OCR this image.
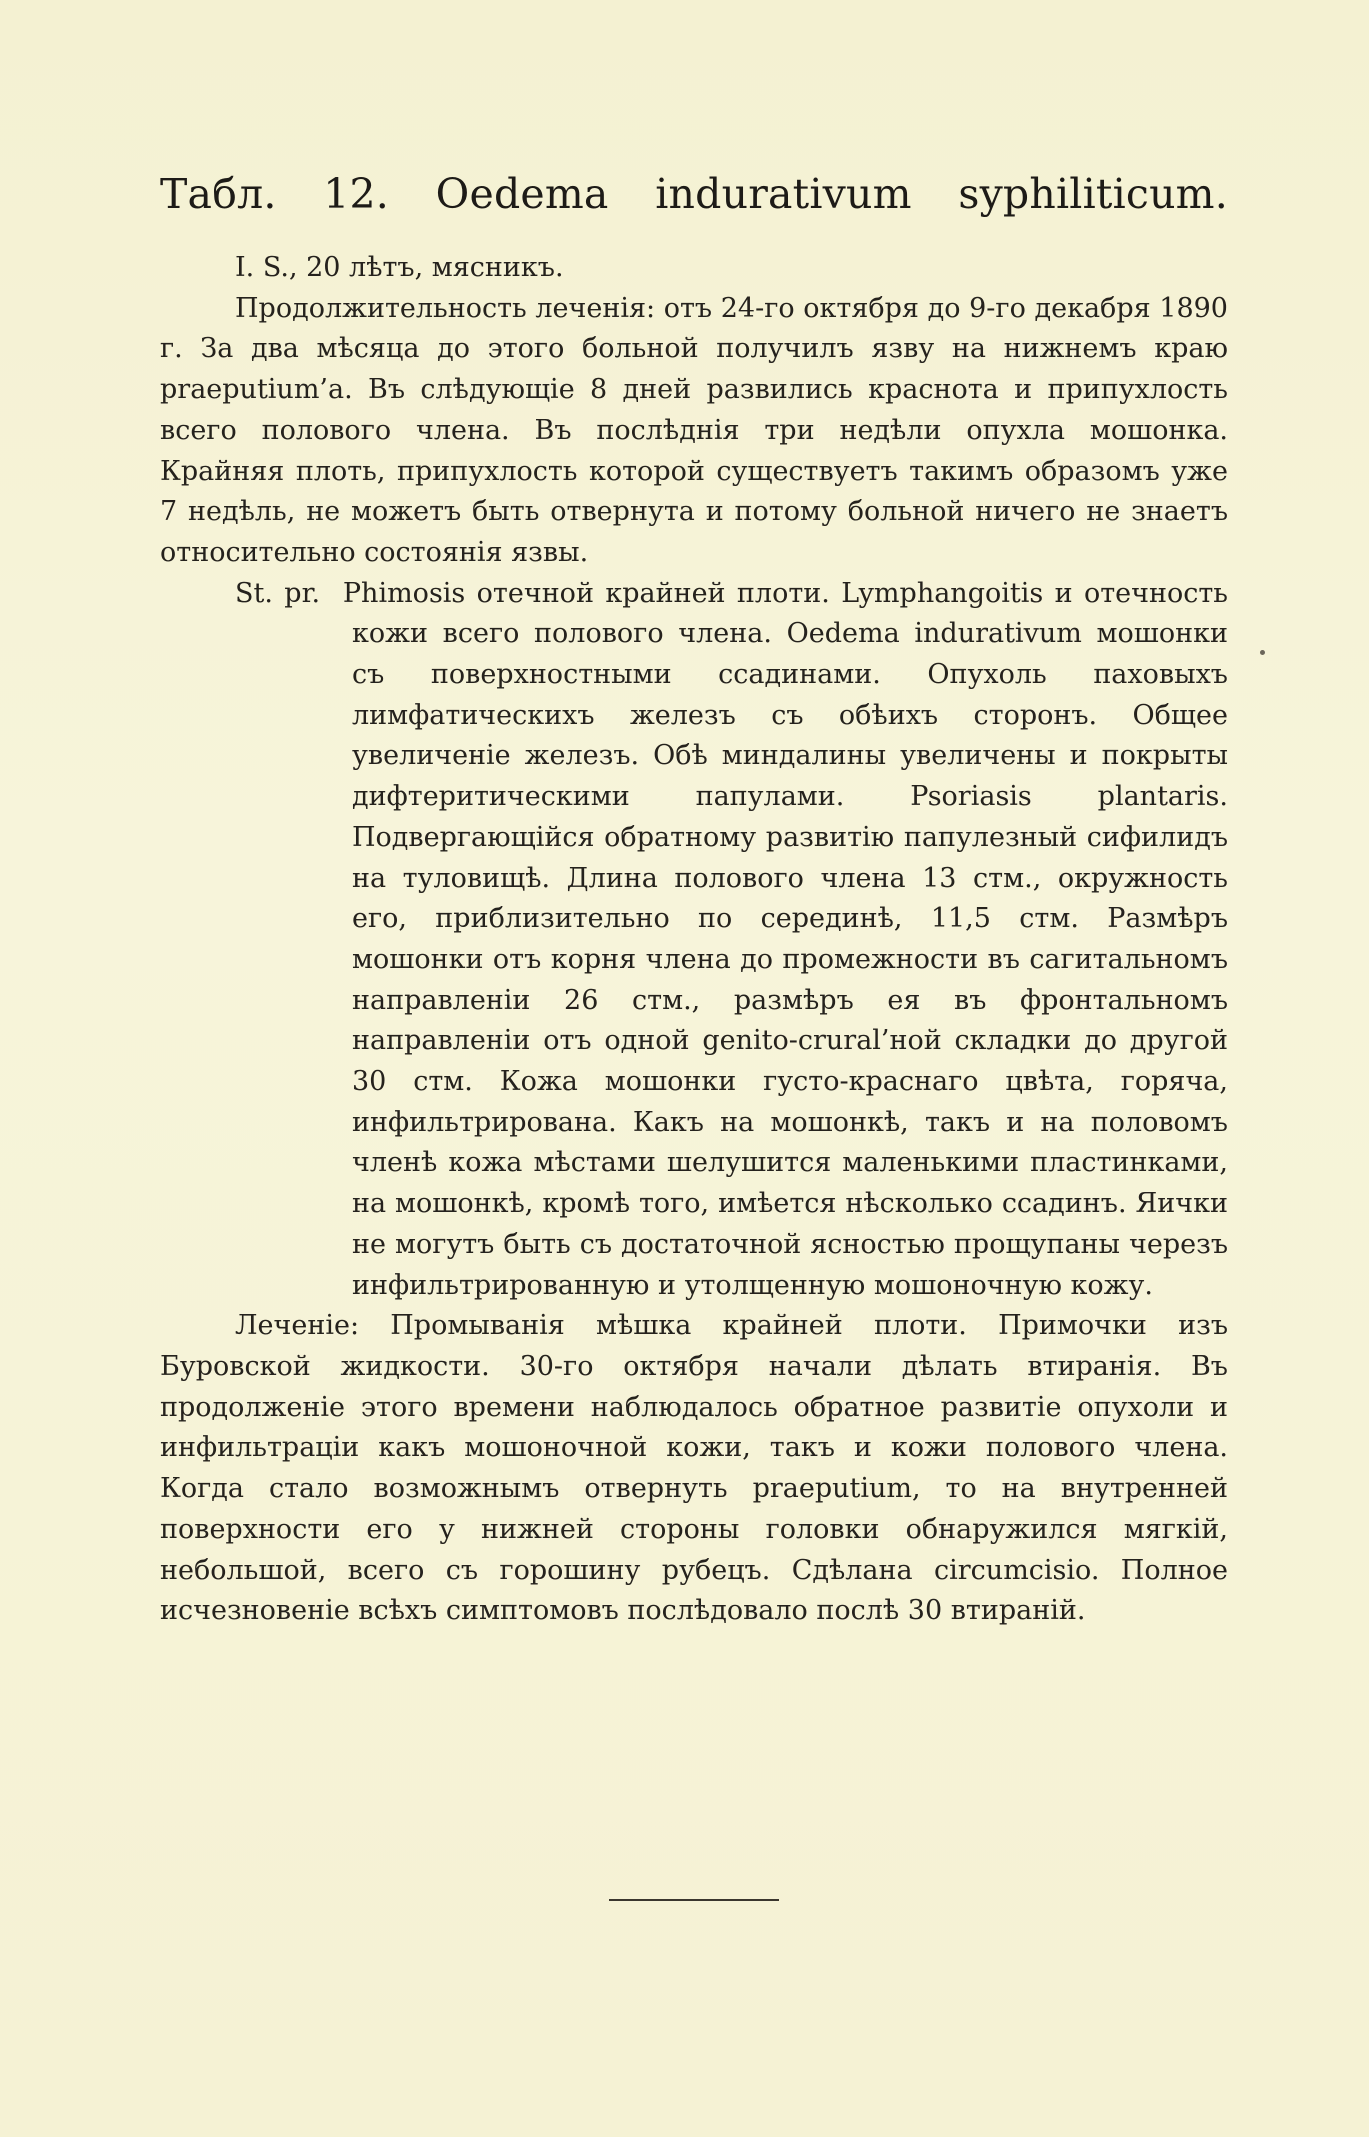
Табл. 12. Oedema indurativum syphiliticum.

I. S., 20 лѣтъ, мясникъ.

Продолжительность леченія: отъ 24-го октября до 9-го декабря 1890 г. За два мѣсяца до этого больной получилъ язву на нижнемъ краю praeputium’a. Въ слѣдующіе 8 дней развились краснота и припухлость всего полового члена. Въ послѣднія три недѣли опухла мошонка. Крайняя плоть, припухлость которой существуетъ такимъ образомъ уже 7 недѣль, не можетъ быть отвернута и потому больной ничего не знаетъ относительно состоянія язвы.

St. pr. Phimosis отечной крайней плоти. Lymphangoitis и отечность кожи всего полового члена. Oedema indurativum мошонки съ поверхностными ссадинами. Опухоль паховыхъ лимфатическихъ железъ съ обѣихъ сторонъ. Общее увеличеніе железъ. Обѣ миндалины увеличены и покрыты дифтеритическими папулами. Psoriasis plantaris. Подвергающійся обратному развитію папулезный сифилидъ на туловищѣ. Длина полового члена 13 стм., окружность его, приблизительно по серединѣ, 11,5 стм. Размѣръ мошонки отъ корня члена до промежности въ сагитальномъ направленіи 26 стм., размѣръ ея въ фронтальномъ направленіи отъ одной genito-crural’ной складки до другой 30 стм. Кожа мошонки густо-краснаго цвѣта, горяча, инфильтрирована. Какъ на мошонкѣ, такъ и на половомъ членѣ кожа мѣстами шелушится маленькими пластинками, на мошонкѣ, кромѣ того, имѣется нѣсколько ссадинъ. Яички не могутъ быть съ достаточной ясностью прощупаны черезъ инфильтрированную и утолщенную мошоночную кожу.

Леченіе: Промыванія мѣшка крайней плоти. Примочки изъ Буровской жидкости. 30-го октября начали дѣлать втиранія. Въ продолженіе этого времени наблюдалось обратное развитіе опухоли и инфильтраціи какъ мошоночной кожи, такъ и кожи полового члена. Когда стало возможнымъ отвернуть praeputium, то на внутренней поверхности его у нижней стороны головки обнаружился мягкій, небольшой, всего съ горошину рубецъ. Сдѣлана circumcisio. Полное исчезновеніе всѣхъ симптомовъ послѣдовало послѣ 30 втираній.
